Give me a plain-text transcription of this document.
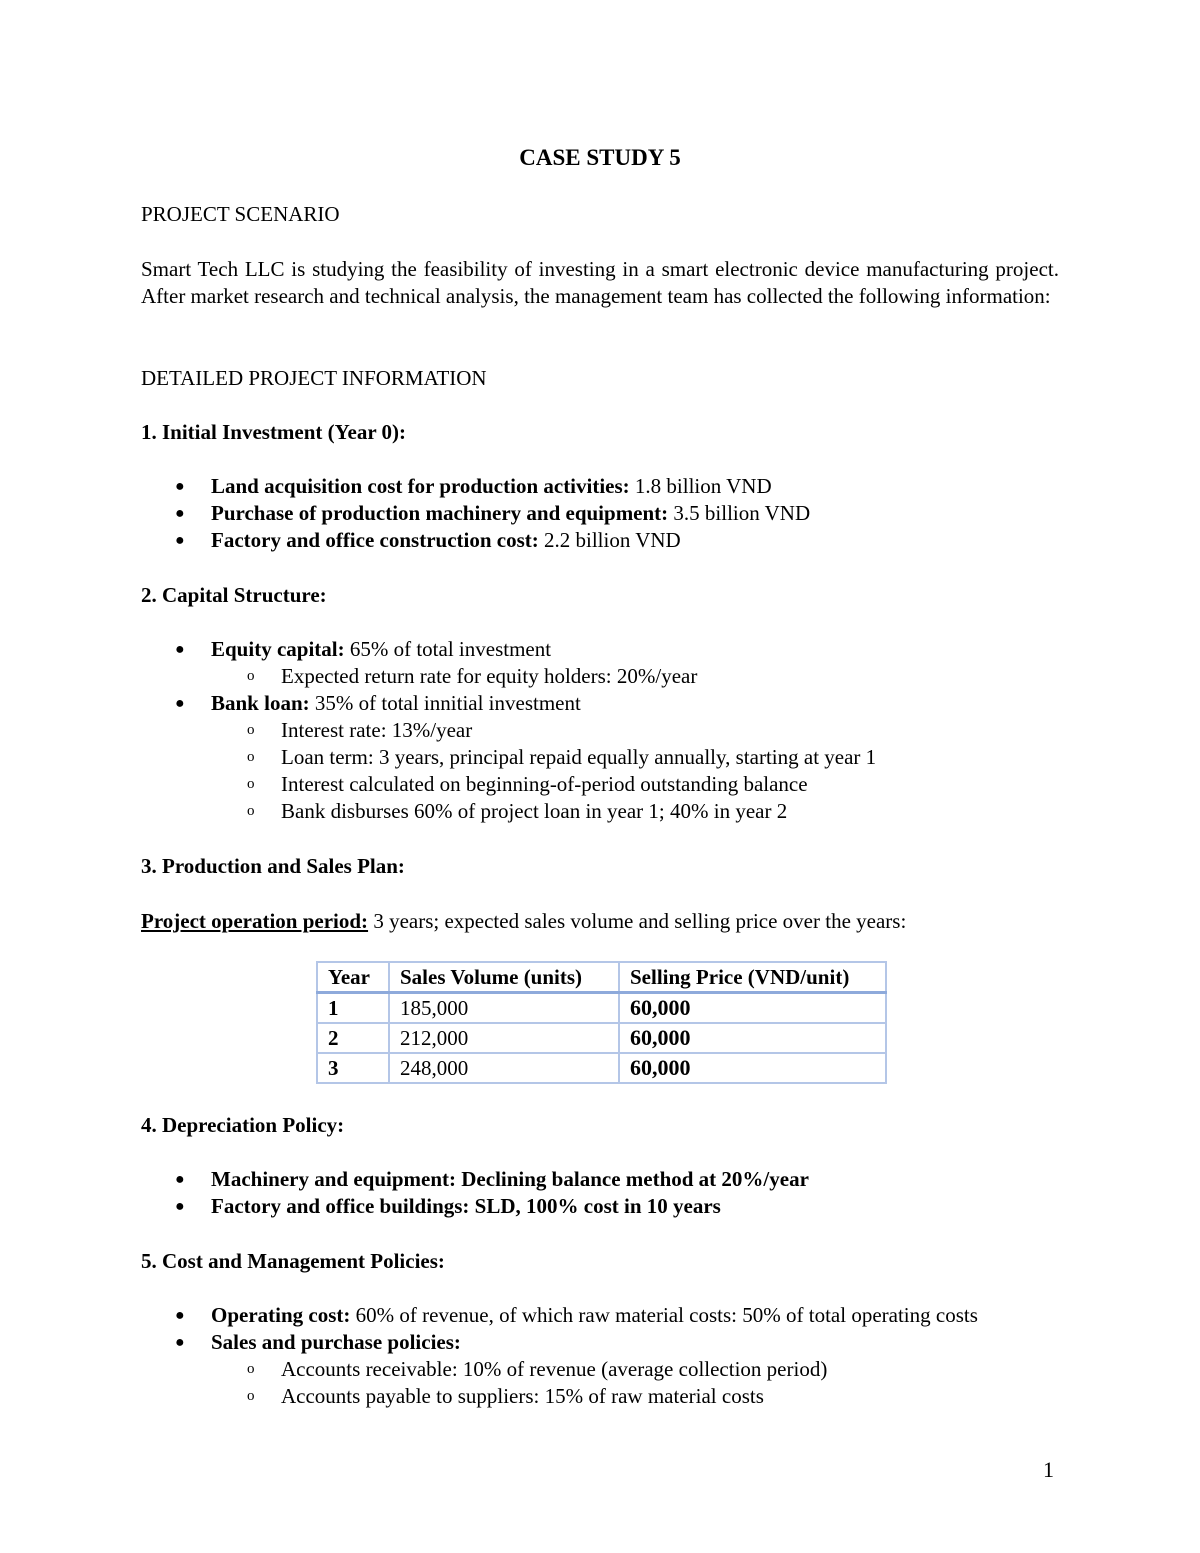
CASE STUDY 5
PROJECT SCENARIO
Smart Tech LLC is studying the feasibility of investing in a smart electronic device manufacturing project. After market research and technical analysis, the management team has collected the following information:
DETAILED PROJECT INFORMATION
1. Initial Investment (Year 0):
● Land acquisition cost for production activities: 1.8 billion VND
● Purchase of production machinery and equipment: 3.5 billion VND
● Factory and office construction cost: 2.2 billion VND
2. Capital Structure:
● Equity capital: 65% of total investment
o Expected return rate for equity holders: 20%/year
● Bank loan: 35% of total innitial investment
o Interest rate: 13%/year
o Loan term: 3 years, principal repaid equally annually, starting at year 1
o Interest calculated on beginning-of-period outstanding balance
o Bank disburses 60% of project loan in year 1; 40% in year 2
3. Production and Sales Plan:
Project operation period: 3 years; expected sales volume and selling price over the years:
Year	Sales Volume (units)	Selling Price (VND/unit)
1	185,000	60,000
2	212,000	60,000
3	248,000	60,000
4. Depreciation Policy:
● Machinery and equipment: Declining balance method at 20%/year
● Factory and office buildings: SLD, 100% cost in 10 years
5. Cost and Management Policies:
● Operating cost: 60% of revenue, of which raw material costs: 50% of total operating costs
● Sales and purchase policies:
o Accounts receivable: 10% of revenue (average collection period)
o Accounts payable to suppliers: 15% of raw material costs
1
